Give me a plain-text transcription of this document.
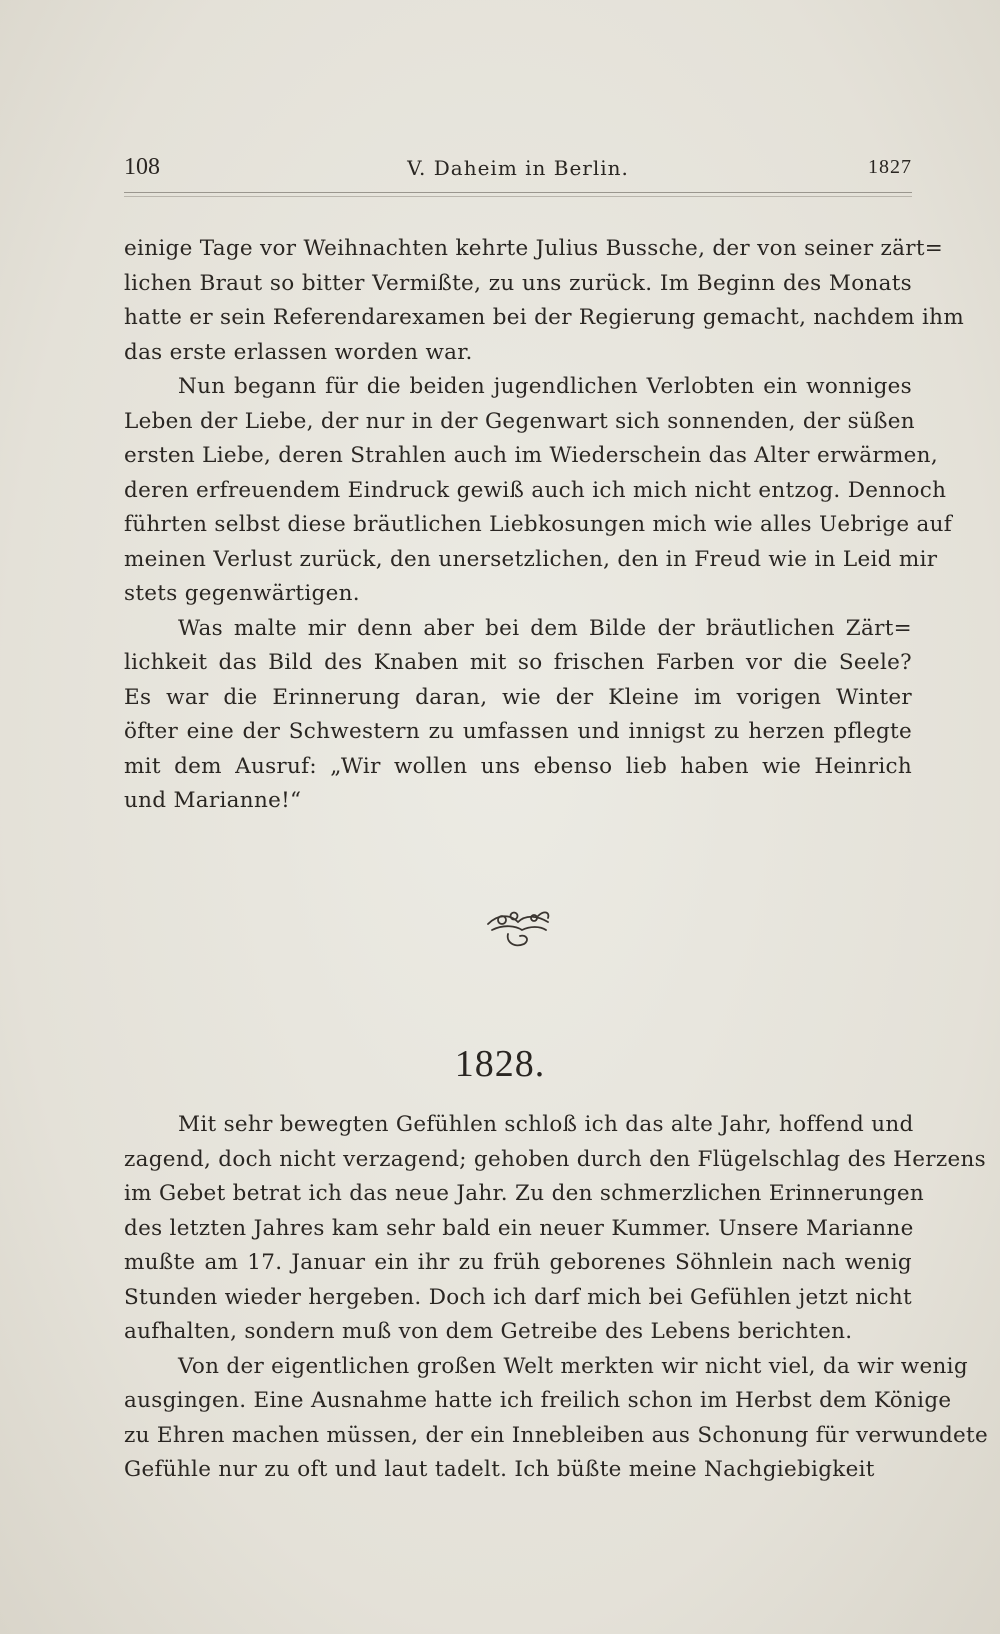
108	V. Daheim in Berlin.	1827
einige Tage vor Weihnachten kehrte Julius Bussche, der von seiner zärt=
lichen Braut so bitter Vermißte, zu uns zurück. Im Beginn des Monats
hatte er sein Referendarexamen bei der Regierung gemacht, nachdem ihm
das erste erlassen worden war.
Nun begann für die beiden jugendlichen Verlobten ein wonniges
Leben der Liebe, der nur in der Gegenwart sich sonnenden, der süßen
ersten Liebe, deren Strahlen auch im Wiederschein das Alter erwärmen,
deren erfreuendem Eindruck gewiß auch ich mich nicht entzog. Dennoch
führten selbst diese bräutlichen Liebkosungen mich wie alles Uebrige auf
meinen Verlust zurück, den unersetzlichen, den in Freud wie in Leid mir
stets gegenwärtigen.
Was malte mir denn aber bei dem Bilde der bräutlichen Zärt=
lichkeit das Bild des Knaben mit so frischen Farben vor die Seele?
Es war die Erinnerung daran, wie der Kleine im vorigen Winter
öfter eine der Schwestern zu umfassen und innigst zu herzen pflegte
mit dem Ausruf: „Wir wollen uns ebenso lieb haben wie Heinrich
und Marianne!“
1828.
Mit sehr bewegten Gefühlen schloß ich das alte Jahr, hoffend und
zagend, doch nicht verzagend; gehoben durch den Flügelschlag des Herzens
im Gebet betrat ich das neue Jahr. Zu den schmerzlichen Erinnerungen
des letzten Jahres kam sehr bald ein neuer Kummer. Unsere Marianne
mußte am 17. Januar ein ihr zu früh geborenes Söhnlein nach wenig
Stunden wieder hergeben. Doch ich darf mich bei Gefühlen jetzt nicht
aufhalten, sondern muß von dem Getreibe des Lebens berichten.
Von der eigentlichen großen Welt merkten wir nicht viel, da wir wenig
ausgingen. Eine Ausnahme hatte ich freilich schon im Herbst dem Könige
zu Ehren machen müssen, der ein Innebleiben aus Schonung für verwundete
Gefühle nur zu oft und laut tadelt. Ich büßte meine Nachgiebigkeit
